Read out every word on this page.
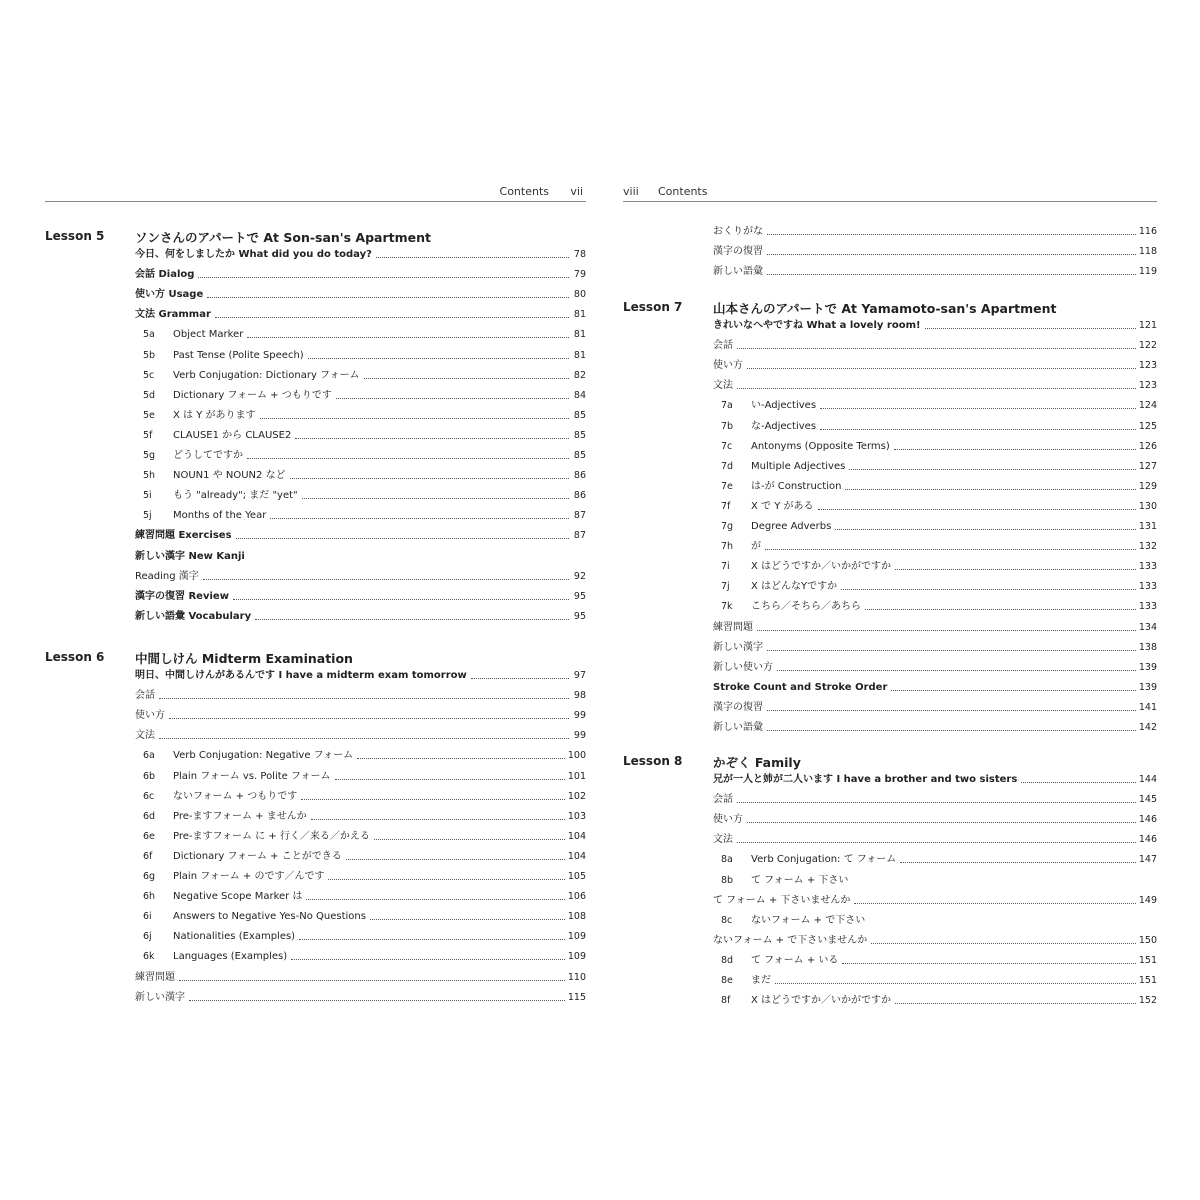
Contents vii
Lesson 5 ソンさんのアパートで At Son-san's Apartment
今日、何をしましたか What did you do today?	78
会話 Dialog	79
使い方 Usage	80
文法 Grammar	81
5a	Object Marker	81
5b	Past Tense (Polite Speech)	81
5c	Verb Conjugation: Dictionary フォーム	82
5d	Dictionary フォーム + つもりです	84
5e	X は Y があります	85
5f	CLAUSE1 から CLAUSE2	85
5g	どうしてですか	85
5h	NOUN1 や NOUN2 など	86
5i	もう "already"; まだ "yet"	86
5j	Months of the Year	87
練習問題 Exercises	87
新しい漢字 New Kanji
Reading 漢字	92
漢字の復習 Review	95
新しい語彙 Vocabulary	95
Lesson 6 中間しけん Midterm Examination
明日、中間しけんがあるんです I have a midterm exam tomorrow	97
会話	98
使い方	99
文法	99
6a	Verb Conjugation: Negative フォーム	100
6b	Plain フォーム vs. Polite フォーム	101
6c	ないフォーム + つもりです	102
6d	Pre-ますフォーム + ませんか	103
6e	Pre-ますフォーム に + 行く／来る／かえる	104
6f	Dictionary フォーム + ことができる	104
6g	Plain フォーム + のです／んです	105
6h	Negative Scope Marker は	106
6i	Answers to Negative Yes-No Questions	108
6j	Nationalities (Examples)	109
6k	Languages (Examples)	109
練習問題	110
新しい漢字	115
viii Contents
おくりがな	116
漢字の復習	118
新しい語彙	119
Lesson 7 山本さんのアパートで At Yamamoto-san's Apartment
きれいなへやですね What a lovely room!	121
会話	122
使い方	123
文法	123
7a	い-Adjectives	124
7b	な-Adjectives	125
7c	Antonyms (Opposite Terms)	126
7d	Multiple Adjectives	127
7e	は-が Construction	129
7f	X で Y がある	130
7g	Degree Adverbs	131
7h	が	132
7i	X はどうですか／いかがですか	133
7j	X はどんなYですか	133
7k	こちら／そちら／あちら	133
練習問題	134
新しい漢字	138
新しい使い方	139
Stroke Count and Stroke Order	139
漢字の復習	141
新しい語彙	142
Lesson 8 かぞく Family
兄が一人と姉が二人います I have a brother and two sisters	144
会話	145
使い方	146
文法	146
8a	Verb Conjugation: て フォーム	147
8b	て フォーム + 下さい
て フォーム + 下さいませんか	149
8c	ないフォーム + で下さい
ないフォーム + で下さいませんか	150
8d	て フォーム + いる	151
8e	まだ	151
8f	X はどうですか／いかがですか	152
